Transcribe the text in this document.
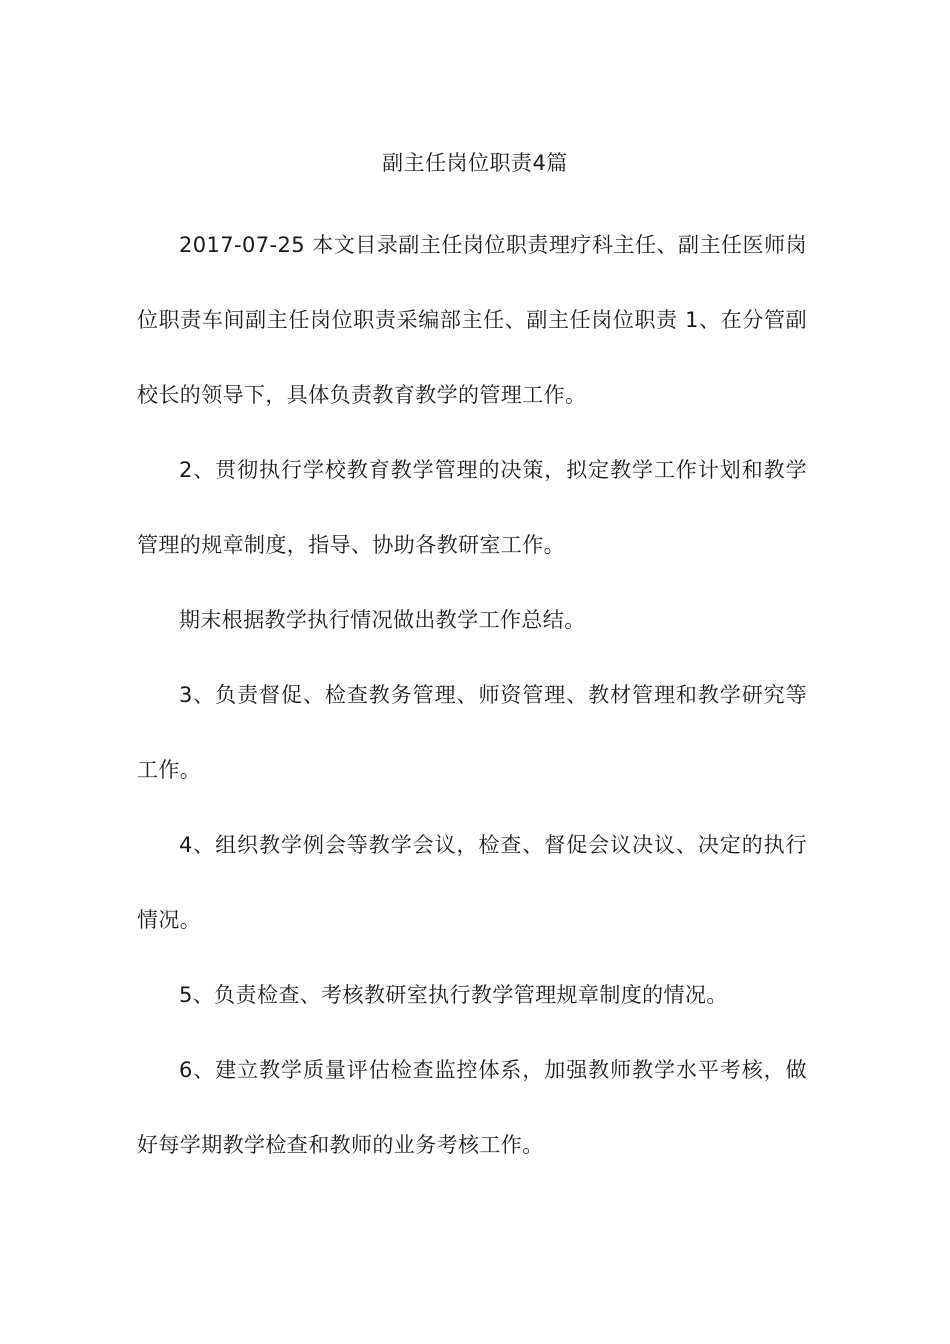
副主任岗位职责4篇

2017-07-25 本文目录副主任岗位职责理疗科主任、副主任医师岗位职责车间副主任岗位职责采编部主任、副主任岗位职责 1、在分管副校长的领导下，具体负责教育教学的管理工作。

2、贯彻执行学校教育教学管理的决策，拟定教学工作计划和教学管理的规章制度，指导、协助各教研室工作。

期末根据教学执行情况做出教学工作总结。

3、负责督促、检查教务管理、师资管理、教材管理和教学研究等工作。

4、组织教学例会等教学会议，检查、督促会议决议、决定的执行情况。

5、负责检查、考核教研室执行教学管理规章制度的情况。

6、建立教学质量评估检查监控体系，加强教师教学水平考核，做好每学期教学检查和教师的业务考核工作。
